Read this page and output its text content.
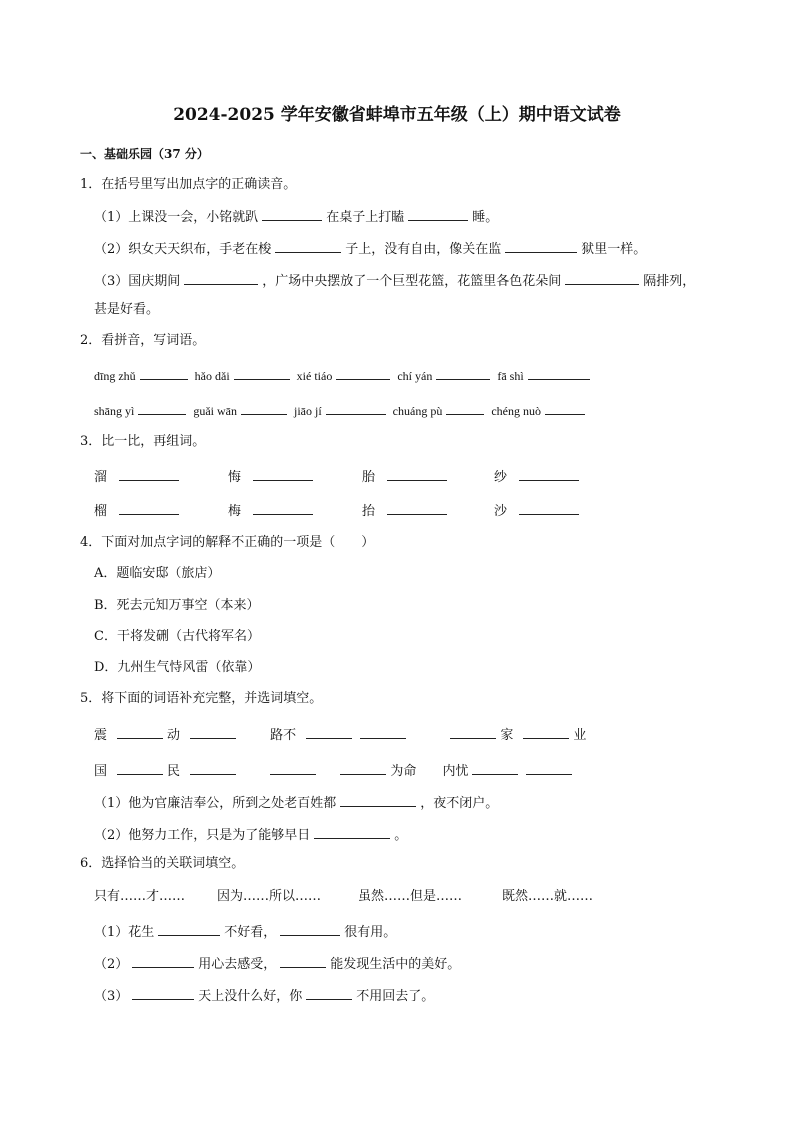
2024-2025 学年安徽省蚌埠市五年级（上）期中语文试卷
一、基础乐园（37 分）
1．在括号里写出加点字的正确读音。
（1）上课没一会，小铭就趴	在桌子上打瞌	睡。
（2）织女天天织布，手老在梭	子上，没有自由，像关在监	狱里一样。
（3）国庆期间	，广场中央摆放了一个巨型花篮，花篮里各色花朵间	隔排列，
甚是好看。
2．看拼音，写词语。
dīng zhǔ	hǎo dǎi	xié tiáo	chí yán	fā shì
shāng yì	guǎi wān	jiāo jí	chuáng pù	chéng nuò
3．比一比，再组词。
溜	悔	胎	纱
榴	梅	抬	沙
4．下面对加点字词的解释不正确的一项是（　　）
A．题临安邸（旅店）
B．死去元知万事空（本来）
C．干将发硎（古代将军名）
D．九州生气恃风雷（依靠）
5．将下面的词语补充完整，并选词填空。
震	动	路不	家	业
国	民	为命 内忧
（1）他为官廉洁奉公，所到之处老百姓都	，夜不闭户。
（2）他努力工作，只是为了能够早日	。
6．选择恰当的关联词填空。
只有……才…… 因为……所以……	虽然……但是……	既然……就……
（1）花生	不好看，	很有用。
（2）	用心去感受，	能发现生活中的美好。
（3）	天上没什么好，你	不用回去了。
